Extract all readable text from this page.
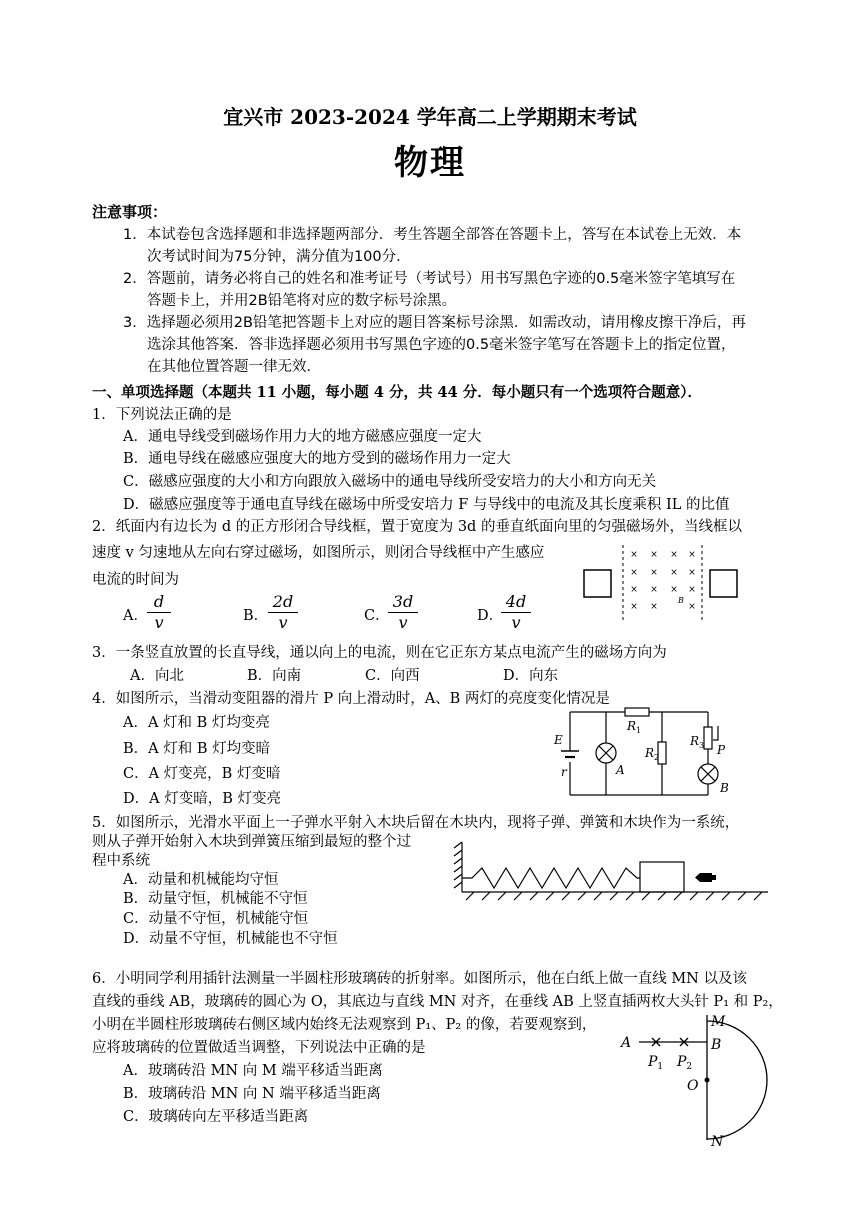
宜兴市 2023-2024 学年高二上学期期末考试
物理
注意事项：
1．本试卷包含选择题和非选择题两部分．考生答题全部答在答题卡上，答写在本试卷上无效．本
次考试时间为75分钟，满分值为100分．
2．答题前，请务必将自己的姓名和准考证号（考试号）用书写黑色字迹的0.5毫米签字笔填写在
答题卡上，并用2B铅笔将对应的数字标号涂黑。
3．选择题必须用2B铅笔把答题卡上对应的题目答案标号涂黑．如需改动，请用橡皮擦干净后，再
选涂其他答案．答非选择题必须用书写黑色字迹的0.5毫米签字笔写在答题卡上的指定位置，
在其他位置答题一律无效．
一、单项选择题（本题共 11 小题，每小题 4 分，共 44 分．每小题只有一个选项符合题意）．
1．下列说法正确的是
A．通电导线受到磁场作用力大的地方磁感应强度一定大
B．通电导线在磁感应强度大的地方受到的磁场作用力一定大
C．磁感应强度的大小和方向跟放入磁场中的通电导线所受安培力的大小和方向无关
D．磁感应强度等于通电直导线在磁场中所受安培力 F 与导线中的电流及其长度乘积 IL 的比值
2．纸面内有边长为 d 的正方形闭合导线框，置于宽度为 3d 的垂直纸面向里的匀强磁场外，当线框以
速度 v 匀速地从左向右穿过磁场，如图所示，则闭合导线框中产生感应
电流的时间为
A． $\frac{d}{v}$	B． $\frac{2d}{v}$	C．
$\frac{3d}{v}$	D．
$\frac{4d}{v}$
× × × ×
× × × ×
× × × ×
× ×	×
B
3．一条竖直放置的长直导线，通以向上的电流，则在它正东方某点电流产生的磁场方向为
A．向北	B．向南	C．向西	D．向东
4．如图所示，当滑动变阻器的滑片 P 向上滑动时，A、B 两灯的亮度变化情况是
A．A 灯和 B 灯均变亮
B．A 灯和 B 灯均变暗
C．A 灯变亮，B 灯变暗
D．A 灯变暗，B 灯变亮
E
r	A
B
P
$R_1$
$R_2$
$R_3$
5．如图所示，光滑水平面上一子弹水平射入木块后留在木块内，现将子弹、弹簧和木块作为一系统，
则从子弹开始射入木块到弹簧压缩到最短的整个过
程中系统
A．动量和机械能均守恒
B．动量守恒，机械能不守恒
C．动量不守恒，机械能守恒
D．动量不守恒，机械能也不守恒
6．小明同学利用插针法测量一半圆柱形玻璃砖的折射率。如图所示，他在白纸上做一直线 MN 以及该
直线的垂线 AB，玻璃砖的圆心为 O，其底边与直线 MN 对齐，在垂线 AB 上竖直插两枚大头针 P₁ 和 P₂，
小明在半圆柱形玻璃砖右侧区域内始终无法观察到 P₁、P₂ 的像，若要观察到，
应将玻璃砖的位置做适当调整，下列说法中正确的是
A．玻璃砖沿 MN 向 M 端平移适当距离
B．玻璃砖沿 MN 向 N 端平移适当距离
C．玻璃砖向左平移适当距离
M
N
A	B
O
$P_1$ $P_2$
